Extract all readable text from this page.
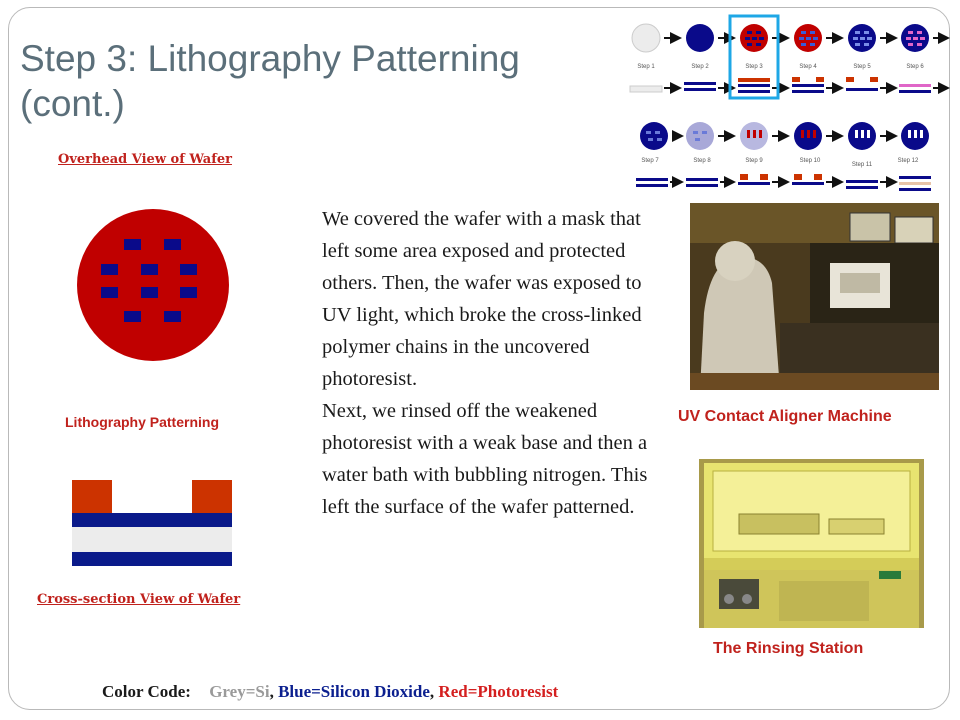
Step 3: Lithography Patterning
(cont.)
Overhead View of Wafer
Lithography Patterning
Cross-section View of Wafer

We covered the wafer with a mask that left some area exposed and protected others. Then, the wafer was exposed to UV light, which broke the cross-linked polymer chains in the uncovered photoresist.

Next, we rinsed off the weakened photoresist with a weak base and then a water bath with bubbling nitrogen. This left the surface of the wafer patterned.

Step 1	Step 2	Step 3	Step 4	Step 5	Step 6
Step 7	Step 8	Step 9	Step 10
Step 11
Step 12
UV Contact Aligner Machine
The Rinsing Station
Color Code: Grey=Si, Blue=Silicon Dioxide, Red=Photoresist
